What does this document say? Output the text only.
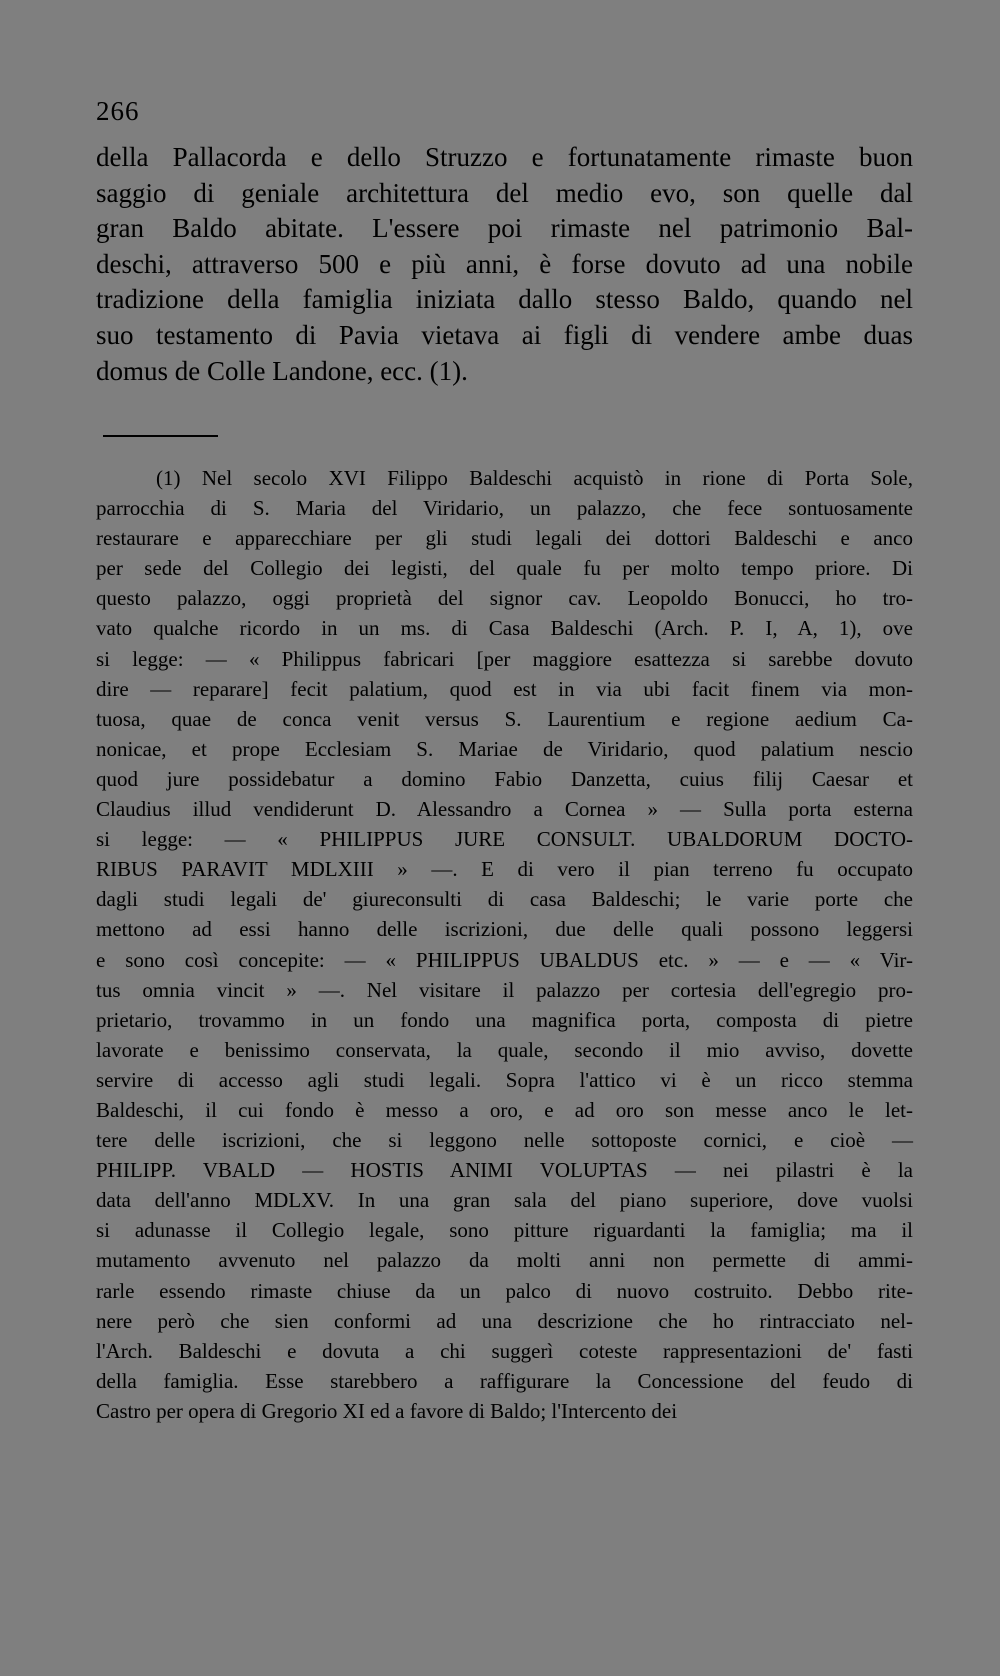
266
della Pallacorda e dello Struzzo e fortunatamente rimaste buon
saggio di geniale architettura del medio evo, son quelle dal
gran Baldo abitate. L'essere poi rimaste nel patrimonio Bal-
deschi, attraverso 500 e più anni, è forse dovuto ad una nobile
tradizione della famiglia iniziata dallo stesso Baldo, quando nel
suo testamento di Pavia vietava ai figli di vendere ambe duas
domus de Colle Landone, ecc. (1).
(1) Nel secolo XVI Filippo Baldeschi acquistò in rione di Porta Sole,
parrocchia di S. Maria del Viridario, un palazzo, che fece sontuosamente
restaurare e apparecchiare per gli studi legali dei dottori Baldeschi e anco
per sede del Collegio dei legisti, del quale fu per molto tempo priore. Di
questo palazzo, oggi proprietà del signor cav. Leopoldo Bonucci, ho tro-
vato qualche ricordo in un ms. di Casa Baldeschi (Arch. P. I, A, 1), ove
si legge: — « Philippus fabricari [per maggiore esattezza si sarebbe dovuto
dire — reparare] fecit palatium, quod est in via ubi facit finem via mon-
tuosa, quae de conca venit versus S. Laurentium e regione aedium Ca-
nonicae, et prope Ecclesiam S. Mariae de Viridario, quod palatium nescio
quod jure possidebatur a domino Fabio Danzetta, cuius filij Caesar et
Claudius illud vendiderunt D. Alessandro a Cornea » — Sulla porta esterna
si legge: — « PHILIPPUS JURE CONSULT. UBALDORUM DOCTO-
RIBUS PARAVIT MDLXIII » —. E di vero il pian terreno fu occupato
dagli studi legali de' giureconsulti di casa Baldeschi; le varie porte che
mettono ad essi hanno delle iscrizioni, due delle quali possono leggersi
e sono così concepite: — « PHILIPPUS UBALDUS etc. » — e — « Vir-
tus omnia vincit » —. Nel visitare il palazzo per cortesia dell'egregio pro-
prietario, trovammo in un fondo una magnifica porta, composta di pietre
lavorate e benissimo conservata, la quale, secondo il mio avviso, dovette
servire di accesso agli studi legali. Sopra l'attico vi è un ricco stemma
Baldeschi, il cui fondo è messo a oro, e ad oro son messe anco le let-
tere delle iscrizioni, che si leggono nelle sottoposte cornici, e cioè —
PHILIPP. VBALD — HOSTIS ANIMI VOLUPTAS — nei pilastri è la
data dell'anno MDLXV. In una gran sala del piano superiore, dove vuolsi
si adunasse il Collegio legale, sono pitture riguardanti la famiglia; ma il
mutamento avvenuto nel palazzo da molti anni non permette di ammi-
rarle essendo rimaste chiuse da un palco di nuovo costruito. Debbo rite-
nere però che sien conformi ad una descrizione che ho rintracciato nel-
l'Arch. Baldeschi e dovuta a chi suggerì coteste rappresentazioni de' fasti
della famiglia. Esse starebbero a raffigurare la Concessione del feudo di
Castro per opera di Gregorio XI ed a favore di Baldo; l'Intercento dei
